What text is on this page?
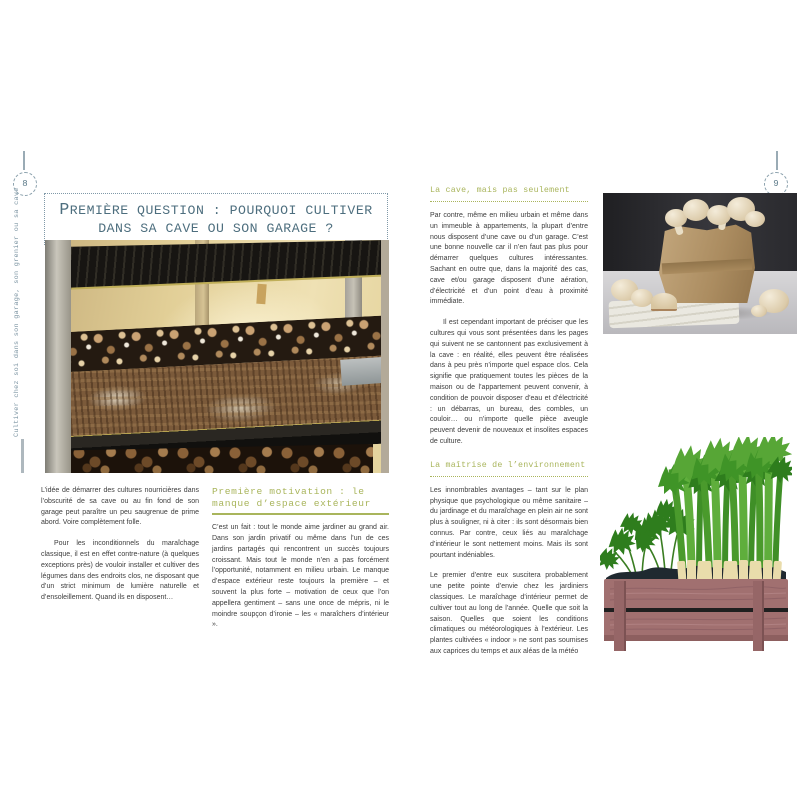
8
Cultiver chez soi dans son garage, son grenier ou sa cave	PREMIÈRE QUESTION : POURQUOI CULTIVER DANS SA CAVE OU SON GARAGE ?

L’idée de démarrer des cultures nourricières dans l’obscurité de sa cave ou au fin fond de son garage peut paraître un peu saugrenue de prime abord. Voire complètement folle.

Pour les inconditionnels du maraîchage classique, il est en effet contre-nature (à quelques exceptions près) de vouloir installer et cultiver des légumes dans des endroits clos, ne disposant que d’un strict minimum de lumière naturelle et d’ensoleillement. Quand ils en disposent…

Première motivation : le manque d’espace extérieur

C’est un fait : tout le monde aime jardiner au grand air. Dans son jardin privatif ou même dans l’un de ces jardins partagés qui rencontrent un succès toujours croissant. Mais tout le monde n’en a pas forcément l’opportunité, notamment en milieu urbain. Le manque d’espace extérieur reste toujours la première – et souvent la plus forte – motivation de ceux que l’on appellera gentiment – sans une once de mépris, ni le moindre soupçon d’ironie – les « maraîchers d’intérieur ».

9
La cave, mais pas seulement

Par contre, même en milieu urbain et même dans un immeuble à appartements, la plupart d’entre nous disposent d’une cave ou d’un garage. C’est une bonne nouvelle car il n’en faut pas plus pour démarrer quelques cultures intéressantes. Sachant en outre que, dans la majorité des cas, cave et/ou garage disposent d’une aération, d’électricité et d’un point d’eau à proximité immédiate.

Il est cependant important de préciser que les cultures qui vous sont présentées dans les pages qui suivent ne se cantonnent pas exclusivement à la cave : en réalité, elles peuvent être réalisées dans à peu près n’importe quel espace clos. Cela signifie que pratiquement toutes les pièces de la maison ou de l’appartement peuvent convenir, à condition de pouvoir disposer d’eau et d’électricité : un débarras, un bureau, des combles, un couloir… ou n’importe quelle pièce aveugle peuvent devenir de nouveaux et insolites espaces de culture.

La maîtrise de l’environnement

Les innombrables avantages – tant sur le plan physique que psychologique ou même sanitaire – du jardinage et du maraîchage en plein air ne sont plus à souligner, ni à citer : ils sont désormais bien connus. Par contre, ceux liés au maraîchage d’intérieur le sont nettement moins. Mais ils sont pourtant indéniables.

Le premier d’entre eux suscitera probablement une petite pointe d’envie chez les jardiniers classiques. Le maraîchage d’intérieur permet de cultiver tout au long de l’année. Quelle que soit la saison. Quelles que soient les conditions climatiques ou météorologiques à l’extérieur. Les plantes cultivées « indoor » ne sont pas soumises aux caprices du temps et aux aléas de la météo
